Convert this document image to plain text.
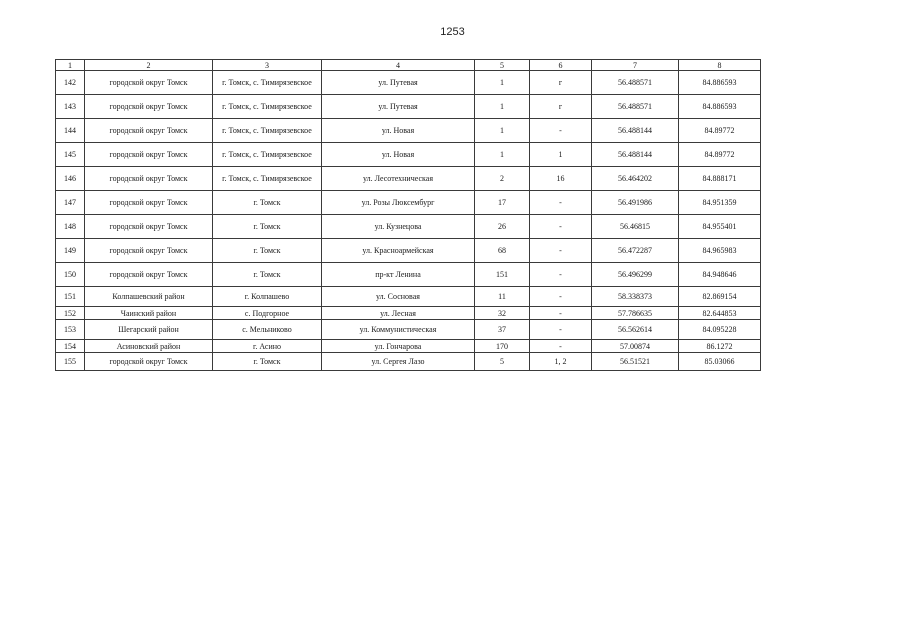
1253
1	2	3	4	5	6	7	8
142	городской округ Томск	г. Томск, с. Тимирязевское	ул. Путевая	1	г	56.488571	84.886593
143	городской округ Томск	г. Томск, с. Тимирязевское	ул. Путевая	1	г	56.488571	84.886593
144	городской округ Томск	г. Томск, с. Тимирязевское	ул. Новая	1	-	56.488144	84.89772
145	городской округ Томск	г. Томск, с. Тимирязевское	ул. Новая	1	1	56.488144	84.89772
146	городской округ Томск	г. Томск, с. Тимирязевское	ул. Лесотехническая	2	16	56.464202	84.888171
147	городской округ Томск	г. Томск	ул. Розы Люксембург	17	-	56.491986	84.951359
148	городской округ Томск	г. Томск	ул. Кузнецова	26	-	56.46815	84.955401
149	городской округ Томск	г. Томск	ул. Красноармейская	68	-	56.472287	84.965983
150	городской округ Томск	г. Томск	пр-кт Ленина	151	-	56.496299	84.948646
151	Колпашевский район	г. Колпашево	ул. Сосновая	11	-	58.338373	82.869154
152	Чаинский район	с. Подгорное	ул. Лесная	32	-	57.786635	82.644853
153	Шегарский район	с. Мельниково	ул. Коммунистическая	37	-	56.562614	84.095228
154	Асиновский район	г. Асино	ул. Гончарова	170	-	57.00874	86.1272
155	городской округ Томск	г. Томск	ул. Сергея Лазо	5	1, 2	56.51521	85.03066
